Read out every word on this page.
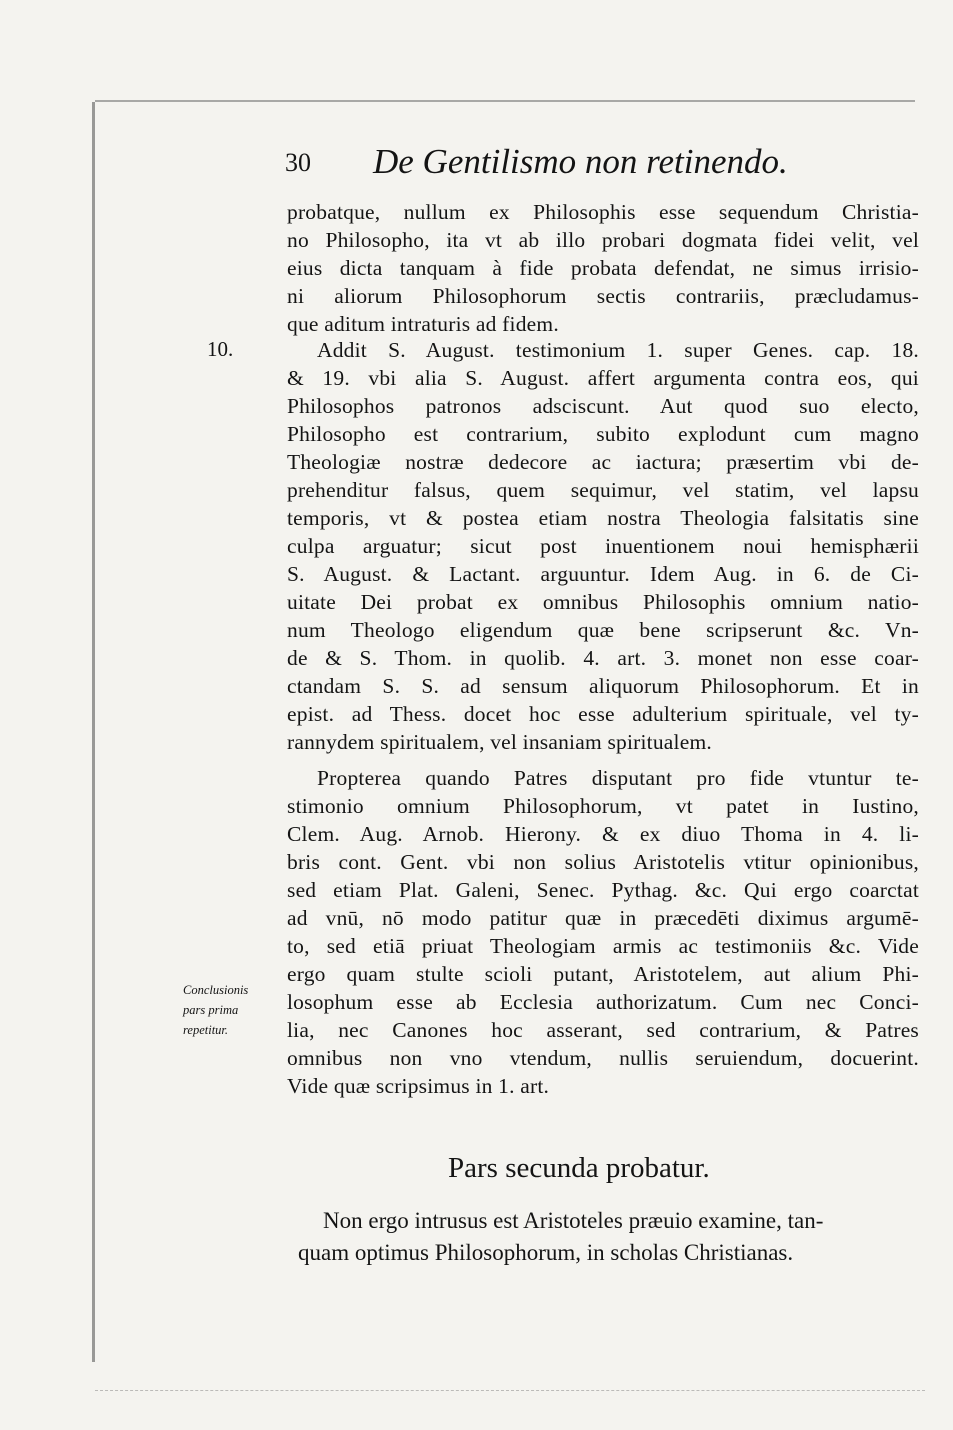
30 De Gentilismo non retinendo.
10.
Conclusionis
pars prima
repetitur.
probatque, nullum ex Philosophis esse sequendum Christia-
no Philosopho, ita vt ab illo probari dogmata fidei velit, vel
eius dicta tanquam à fide probata defendat, ne simus irrisio-
ni aliorum Philosophorum sectis contrariis, præcludamus-
que aditum intraturis ad fidem.
Addit S. August. testimonium 1. super Genes. cap. 18.
& 19. vbi alia S. August. affert argumenta contra eos, qui
Philosophos patronos adsciscunt. Aut quod suo electo,
Philosopho est contrarium, subito explodunt cum magno
Theologiæ nostræ dedecore ac iactura; præsertim vbi de-
prehenditur falsus, quem sequimur, vel statim, vel lapsu
temporis, vt & postea etiam nostra Theologia falsitatis sine
culpa arguatur; sicut post inuentionem noui hemisphærii
S. August. & Lactant. arguuntur. Idem Aug. in 6. de Ci-
uitate Dei probat ex omnibus Philosophis omnium natio-
num Theologo eligendum quæ bene scripserunt &c. Vn-
de & S. Thom. in quolib. 4. art. 3. monet non esse coar-
ctandam S. S. ad sensum aliquorum Philosophorum. Et in
epist. ad Thess. docet hoc esse adulterium spirituale, vel ty-
rannydem spiritualem, vel insaniam spiritualem.
Propterea quando Patres disputant pro fide vtuntur te-
stimonio omnium Philosophorum, vt patet in Iustino,
Clem. Aug. Arnob. Hierony. & ex diuo Thoma in 4. li-
bris cont. Gent. vbi non solius Aristotelis vtitur opinionibus,
sed etiam Plat. Galeni, Senec. Pythag. &c. Qui ergo coarctat
ad vnū, nō modo patitur quæ in præcedēti diximus argumē-
to, sed etiā priuat Theologiam armis ac testimoniis &c. Vide
ergo quam stulte scioli putant, Aristotelem, aut alium Phi-
losophum esse ab Ecclesia authorizatum. Cum nec Conci-
lia, nec Canones hoc asserant, sed contrarium, & Patres
omnibus non vno vtendum, nullis seruiendum, docuerint.
Vide quæ scripsimus in 1. art.
Pars secunda probatur.
Non ergo intrusus est Aristoteles præuio examine, tan-
quam optimus Philosophorum, in scholas Christianas.
